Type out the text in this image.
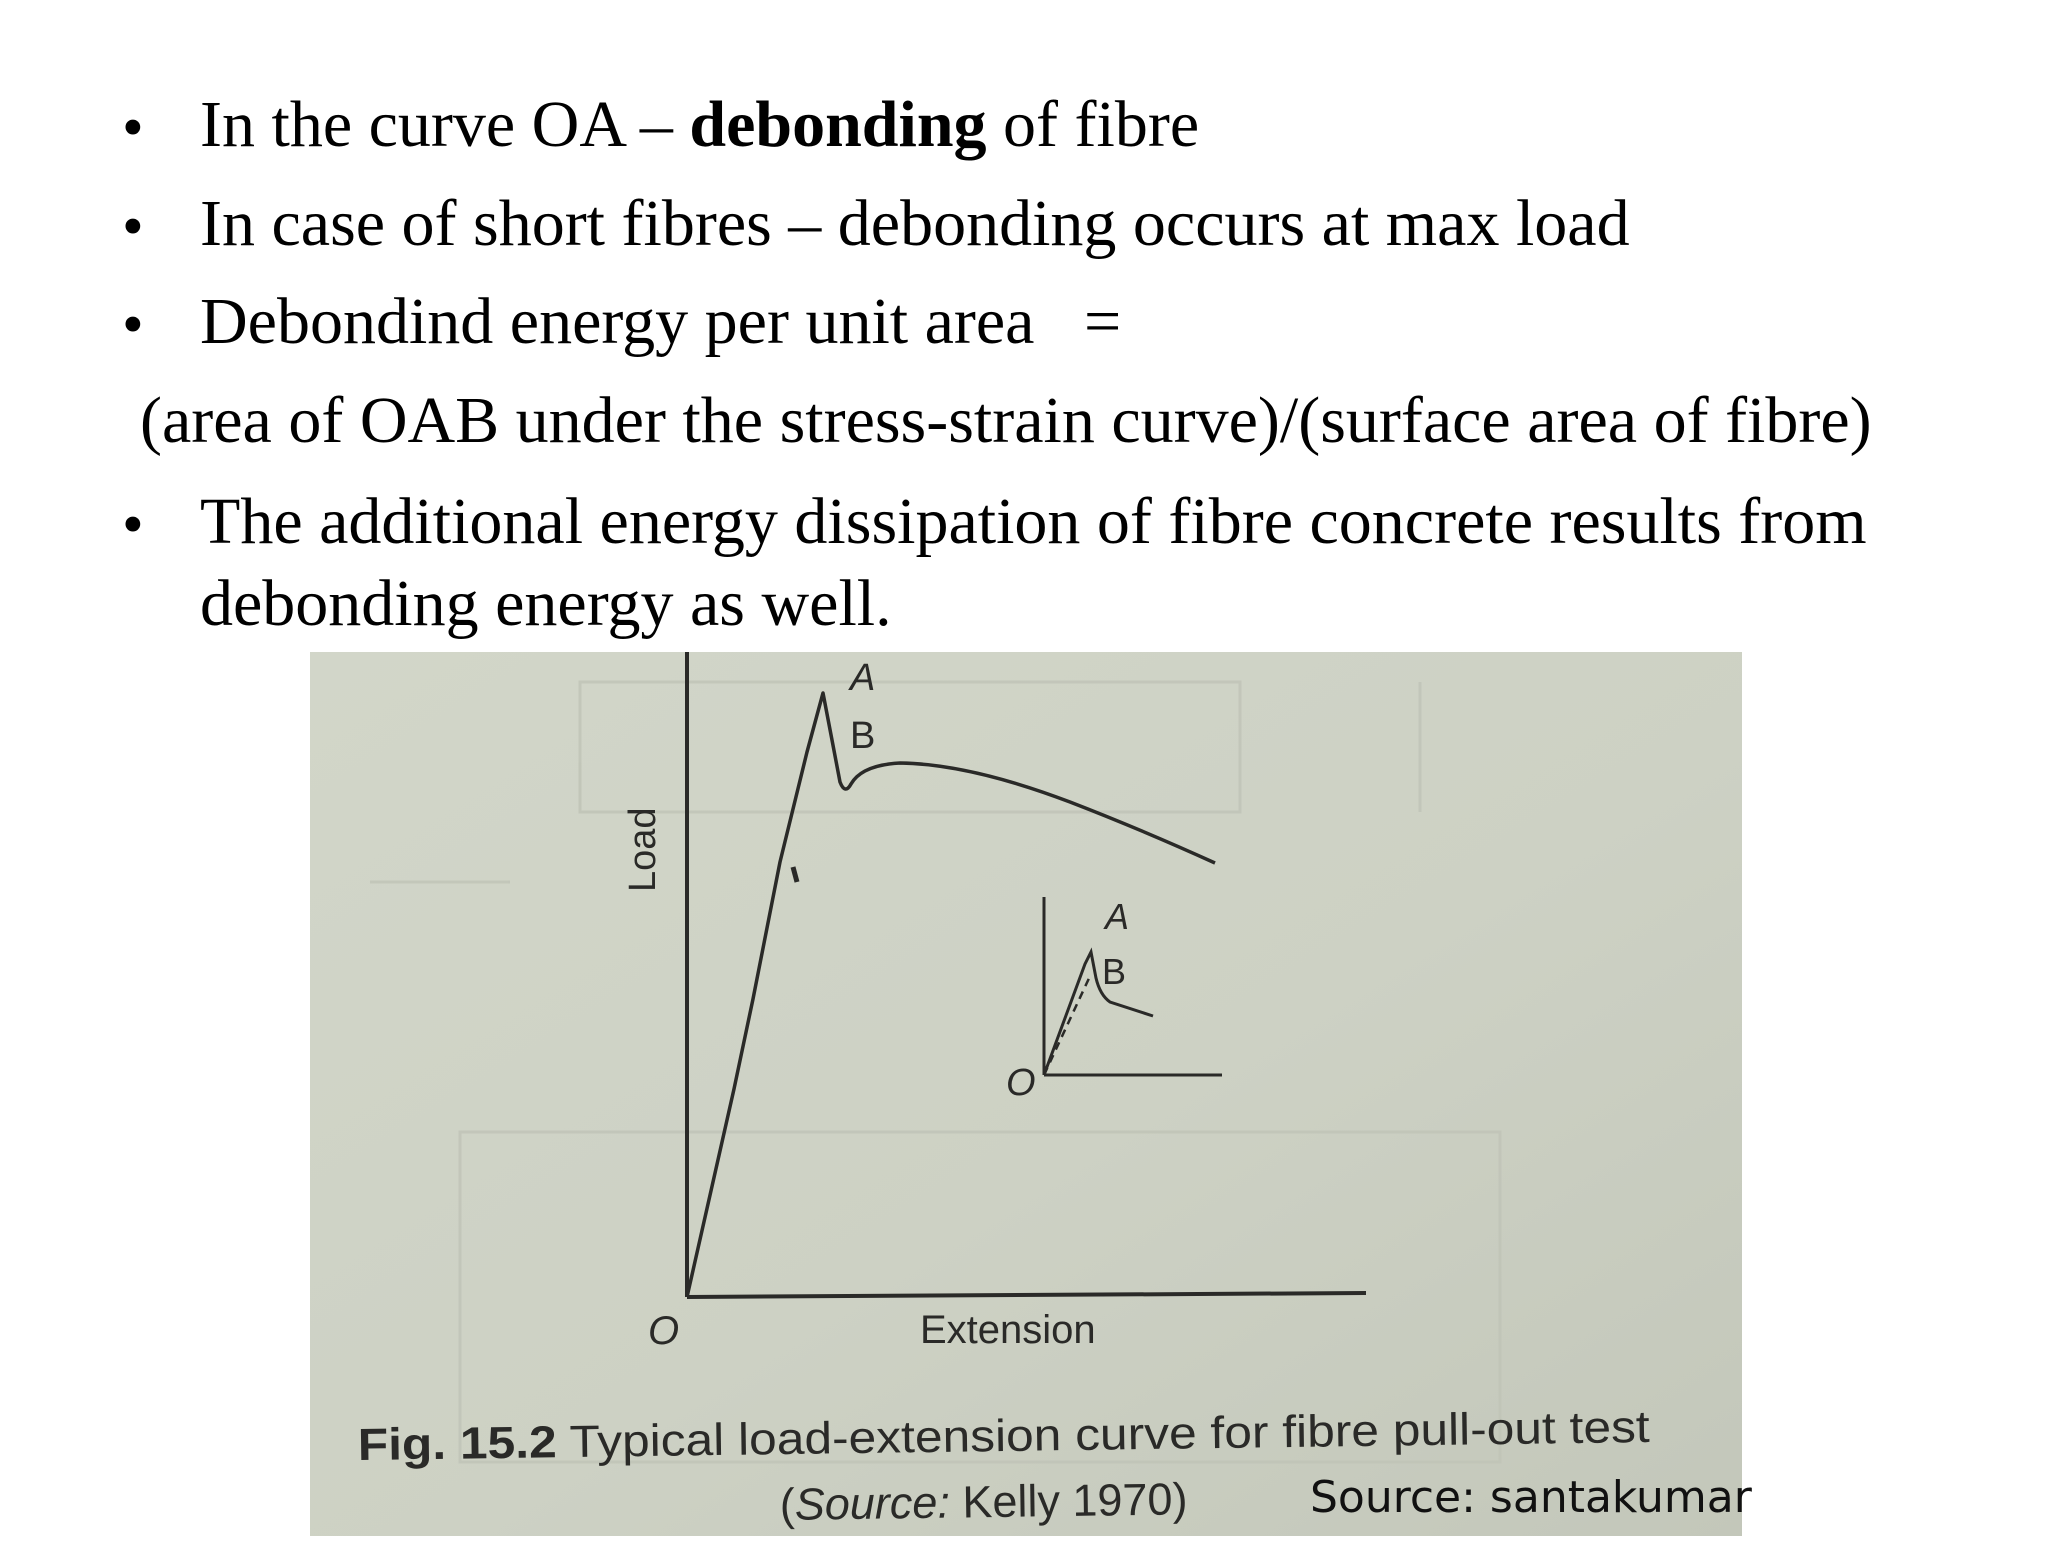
• In the curve OA – debonding of fibre
• In case of short fibres – debonding occurs at max load
• Debondind energy per unit area   =
(area of OAB under the stress-strain curve)/(surface area of fibre)
• The additional energy dissipation of fibre concrete results from
debonding energy as well.
A
B
O
Load
Extension
A
B
O
Fig. 15.2 Typical load-extension curve for fibre pull-out test
(Source: Kelly 1970)	Source: santakumar
